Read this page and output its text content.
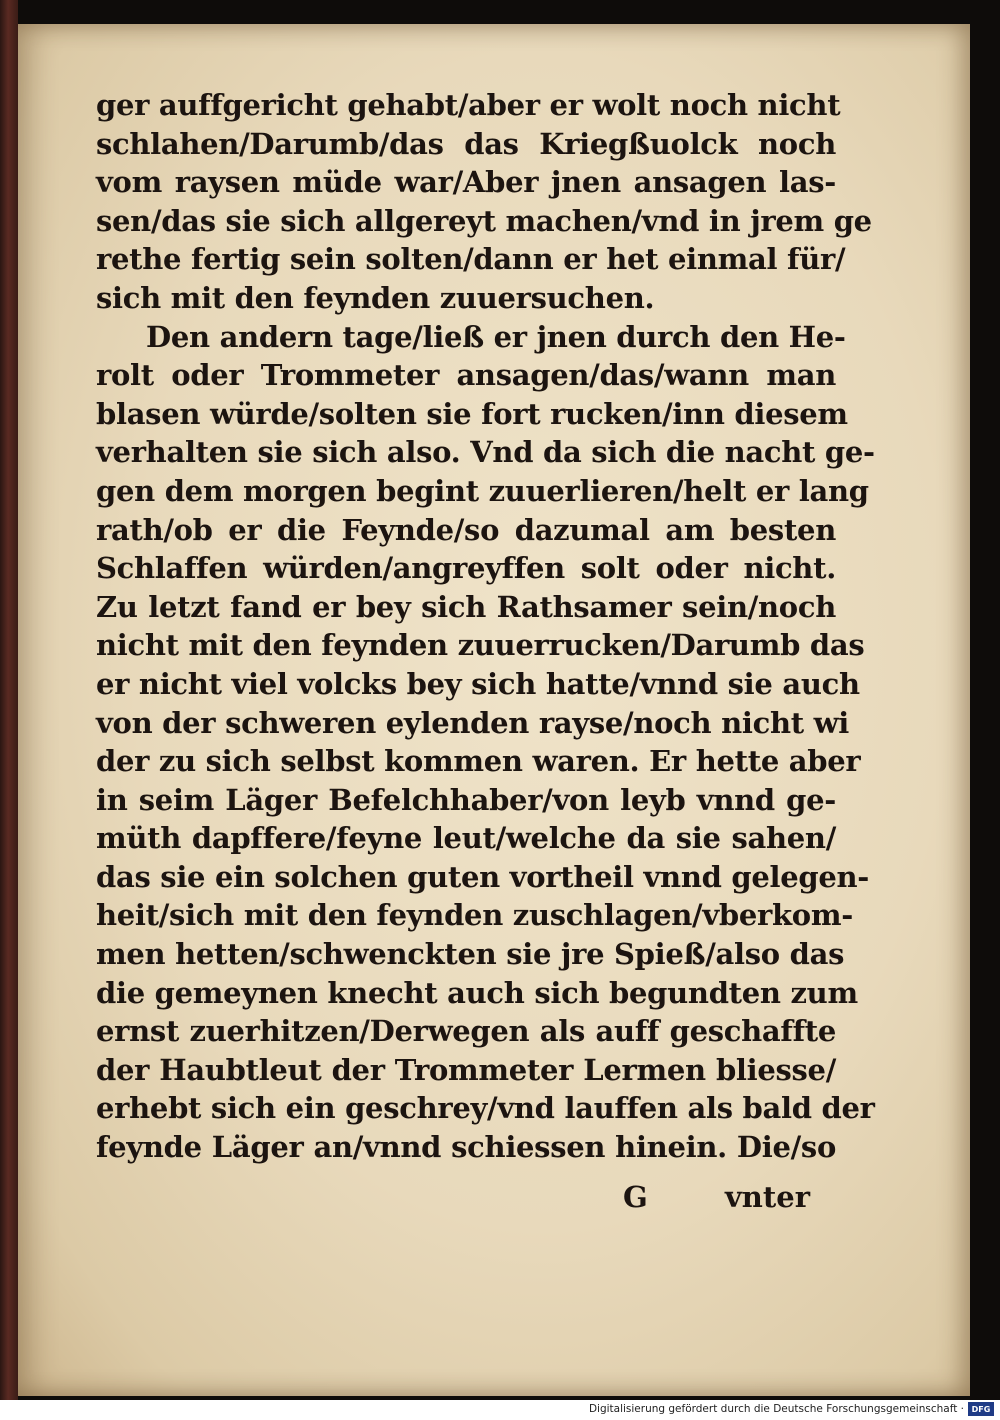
ger auffgericht gehabt/aber er wolt noch nicht
schlahen/Darumb/das das Kriegßuolck noch
vom raysen müde war/Aber jnen ansagen las-
sen/das sie sich allgereyt machen/vnd in jrem ge
rethe fertig sein solten/dann er het einmal für/
sich mit den feynden zuuersuchen.
Den andern tage/ließ er jnen durch den He-
rolt oder Trommeter ansagen/das/wann man
blasen würde/solten sie fort rucken/inn diesem
verhalten sie sich also. Vnd da sich die nacht ge-
gen dem morgen begint zuuerlieren/helt er lang
rath/ob er die Feynde/so dazumal am besten
Schlaffen würden/angreyffen solt oder nicht.
Zu letzt fand er bey sich Rathsamer sein/noch
nicht mit den feynden zuuerrucken/Darumb das
er nicht viel volcks bey sich hatte/vnnd sie auch
von der schweren eylenden rayse/noch nicht wi
der zu sich selbst kommen waren. Er hette aber
in seim Läger Befelchhaber/von leyb vnnd ge-
müth dapffere/feyne leut/welche da sie sahen/
das sie ein solchen guten vortheil vnnd gelegen-
heit/sich mit den feynden zuschlagen/vberkom-
men hetten/schwenckten sie jre Spieß/also das
die gemeynen knecht auch sich begundten zum
ernst zuerhitzen/Derwegen als auff geschaffte
der Haubtleut der Trommeter Lermen bliesse/
erhebt sich ein geschrey/vnd lauffen als bald der
feynde Läger an/vnnd schiessen hinein. Die/so
G	vnter
Digitalisierung gefördert durch die Deutsche Forschungsgemeinschaft · DFG
